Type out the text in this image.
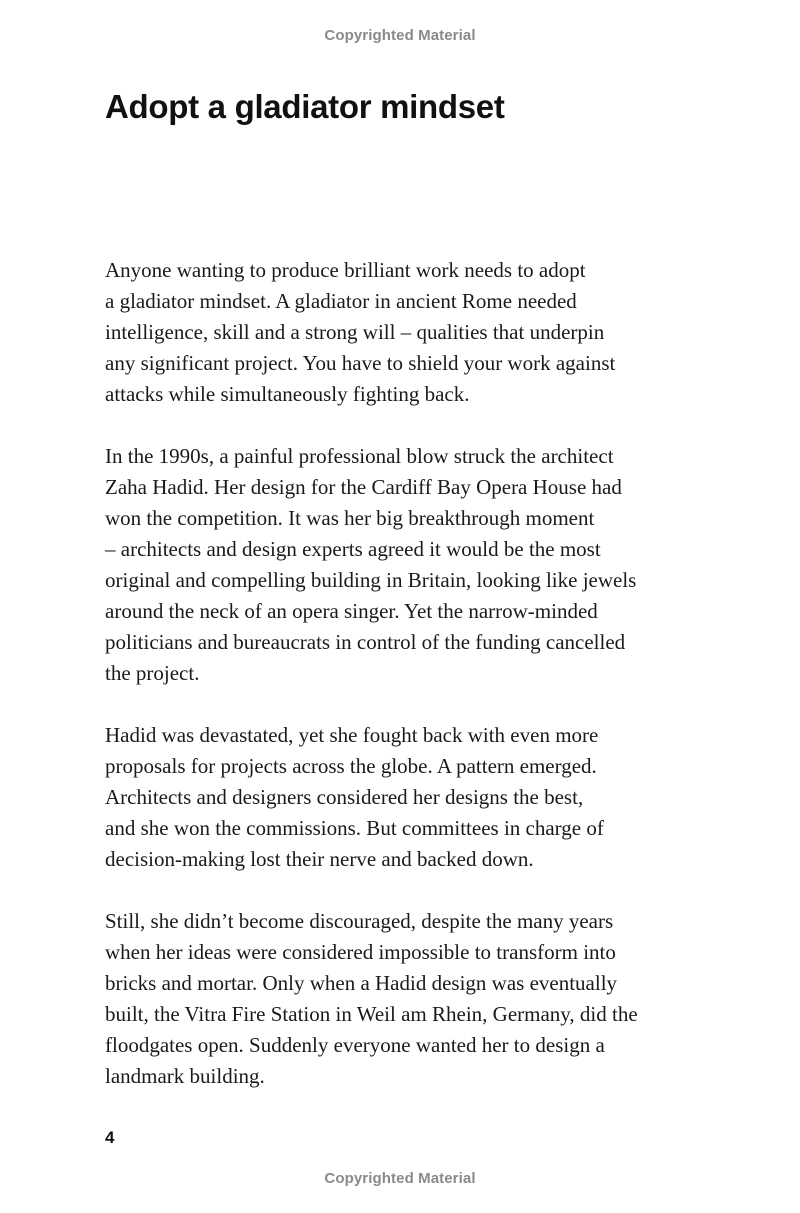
Copyrighted Material
Adopt a gladiator mindset

Anyone wanting to produce brilliant work needs to adopt
a gladiator mindset. A gladiator in ancient Rome needed
intelligence, skill and a strong will – qualities that underpin
any significant project. You have to shield your work against
attacks while simultaneously fighting back.

In the 1990s, a painful professional blow struck the architect
Zaha Hadid. Her design for the Cardiff Bay Opera House had
won the competition. It was her big breakthrough moment
– architects and design experts agreed it would be the most
original and compelling building in Britain, looking like jewels
around the neck of an opera singer. Yet the narrow-minded
politicians and bureaucrats in control of the funding cancelled
the project.

Hadid was devastated, yet she fought back with even more
proposals for projects across the globe. A pattern emerged.
Architects and designers considered her designs the best,
and she won the commissions. But committees in charge of
decision-making lost their nerve and backed down.

Still, she didn’t become discouraged, despite the many years
when her ideas were considered impossible to transform into
bricks and mortar. Only when a Hadid design was eventually
built, the Vitra Fire Station in Weil am Rhein, Germany, did the
floodgates open. Suddenly everyone wanted her to design a
landmark building.

4
Copyrighted Material
